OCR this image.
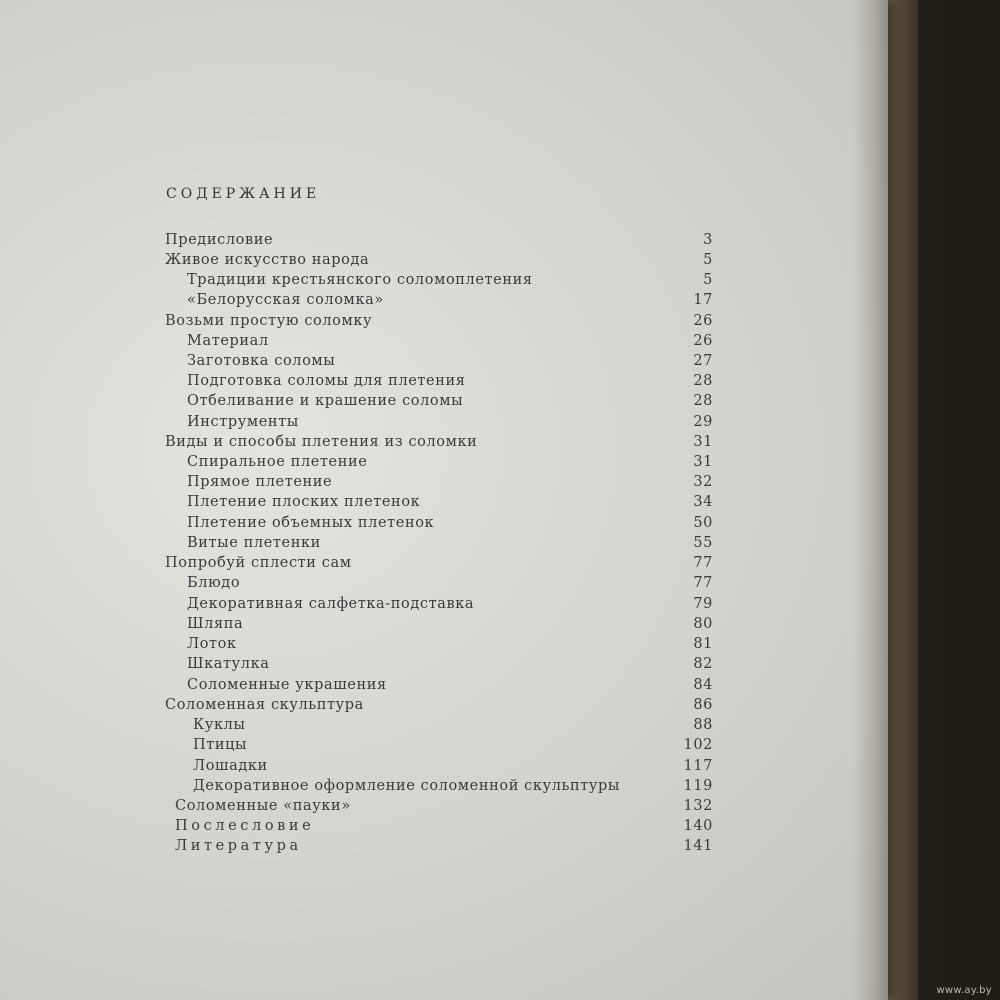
СОДЕРЖАНИЕ
Предисловие	3
Живое искусство народа	5
Традиции крестьянского соломоплетения	5
«Белорусская соломка»	17
Возьми простую соломку	26
Материал	26
Заготовка соломы	27
Подготовка соломы для плетения	28
Отбеливание и крашение соломы	28
Инструменты	29
Виды и способы плетения из соломки	31
Спиральное плетение	31
Прямое плетение	32
Плетение плоских плетенок	34
Плетение объемных плетенок	50
Витые плетенки	55
Попробуй сплести сам	77
Блюдо	77
Декоративная салфетка-подставка	79
Шляпа	80
Лоток	81
Шкатулка	82
Соломенные украшения	84
Соломенная скульптура	86
Куклы	88
Птицы	102
Лошадки	117
Декоративное оформление соломенной скульптуры	119
Соломенные «пауки»	132
Послесловие	140
Литература	141
www.ay.by
